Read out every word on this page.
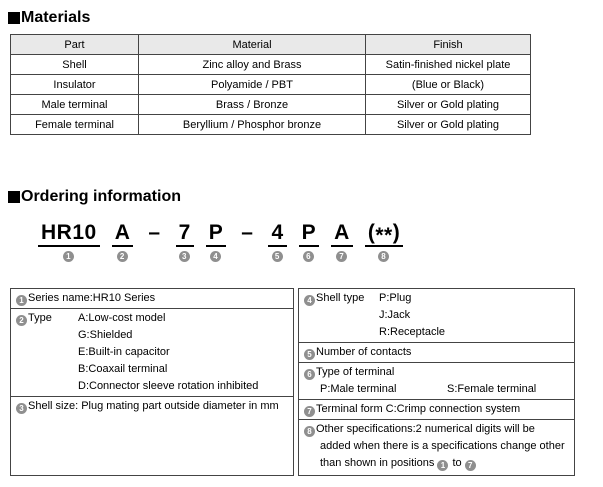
Materials
Part	Material	Finish
Shell	Zinc alloy and Brass	Satin-finished nickel plate
Insulator	Polyamide / PBT	(Blue or Black)
Male terminal	Brass / Bronze	Silver or Gold plating
Female terminal	Beryllium / Phosphor bronze	Silver or Gold plating
Ordering information
HR10
1
A
2
– 7
3
P
4
– 4
5
P
6
A
7
(**)
8
1 Series name:HR10 Series
2 Type A:Low-cost model
G:Shielded
E:Built-in capacitor
B:Coaxail terminal
D:Connector sleeve rotation inhibited
3 Shell size: Plug mating part outside diameter in mm
4 Shell type P:Plug
J:Jack
R:Receptacle
5 Number of contacts
6 Type of terminal
P:Male terminal	S:Female terminal
7 Terminal form C:Crimp connection system
8 Other specifications:2 numerical digits will be
added when there is a specifications change other
than shown in positions 1 to 7
